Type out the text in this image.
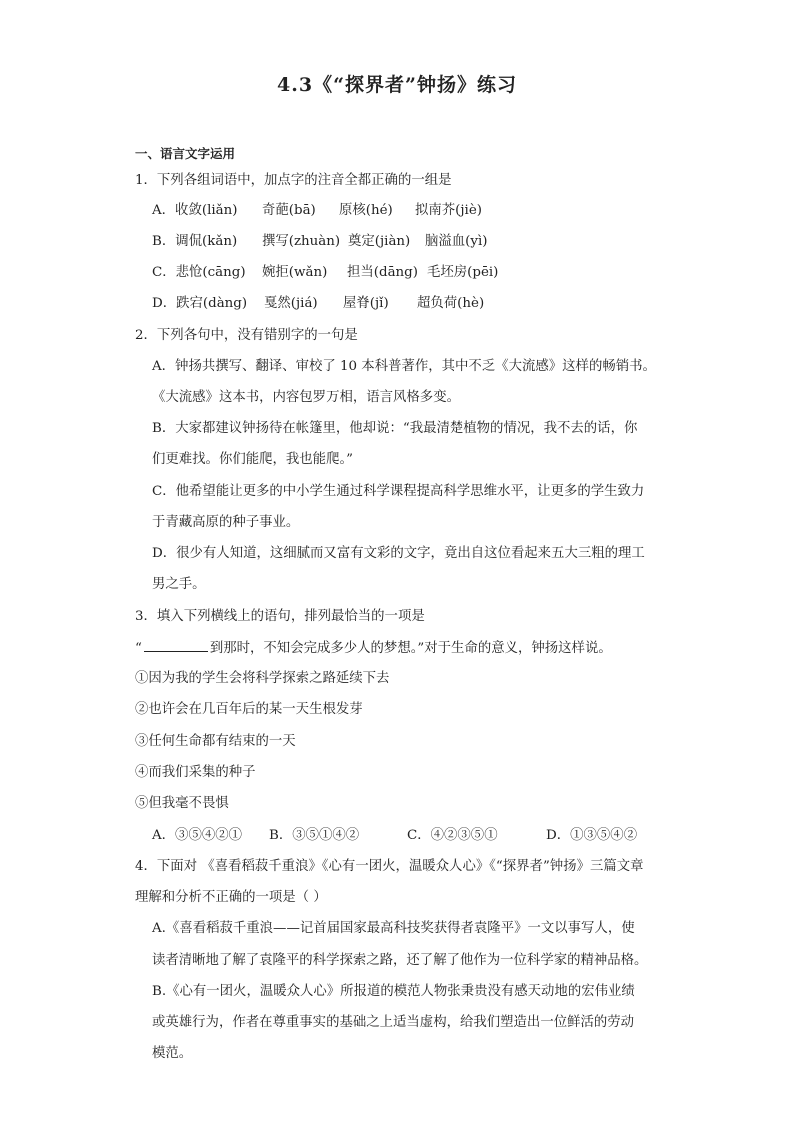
4.3《“探界者”钟扬》练习
一、语言文字运用
1．下列各组词语中，加点字的注音全都正确的一组是
A．收敛(liǎn) 奇葩(bā) 原核(hé) 拟南芥(jiè)
B．调侃(kǎn) 撰写(zhuàn) 奠定(jiàn) 脑溢血(yì)
C．悲怆(cāng) 婉拒(wǎn) 担当(dāng) 毛坯房(pēi)
D．跌宕(dàng) 戛然(jiá) 屋脊(jǐ) 超负荷(hè)
2．下列各句中，没有错别字的一句是
A．钟扬共撰写、翻译、审校了 10 本科普著作，其中不乏《大流感》这样的畅销书。
《大流感》这本书，内容包罗万相，语言风格多变。
B．大家都建议钟扬待在帐篷里，他却说：“我最清楚植物的情况，我不去的话，你
们更难找。你们能爬，我也能爬。”
C．他希望能让更多的中小学生通过科学课程提高科学思维水平，让更多的学生致力
于青藏高原的种子事业。
D．很少有人知道，这细腻而又富有文彩的文字，竟出自这位看起来五大三粗的理工
男之手。
3．填入下列横线上的语句，排列最恰当的一项是
“	到那时，不知会完成多少人的梦想。”对于生命的意义，钟扬这样说。
①因为我的学生会将科学探索之路延续下去
②也许会在几百年后的某一天生根发芽
③任何生命都有结束的一天
④而我们采集的种子
⑤但我毫不畏惧
A．③⑤④②① B．③⑤①④②	C．④②③⑤①	D．①③⑤④②
4．下面对 《喜看稻菽千重浪》《心有一团火，温暖众人心》《“探界者”钟扬》三篇文章
理解和分析不正确的一项是（ ）
A.《喜看稻菽千重浪——记首届国家最高科技奖获得者袁隆平》一文以事写人，使
读者清晰地了解了袁隆平的科学探索之路，还了解了他作为一位科学家的精神品格。
B.《心有一团火，温暖众人心》所报道的模范人物张秉贵没有感天动地的宏伟业绩
或英雄行为，作者在尊重事实的基础之上适当虚构，给我们塑造出一位鲜活的劳动
模范。
